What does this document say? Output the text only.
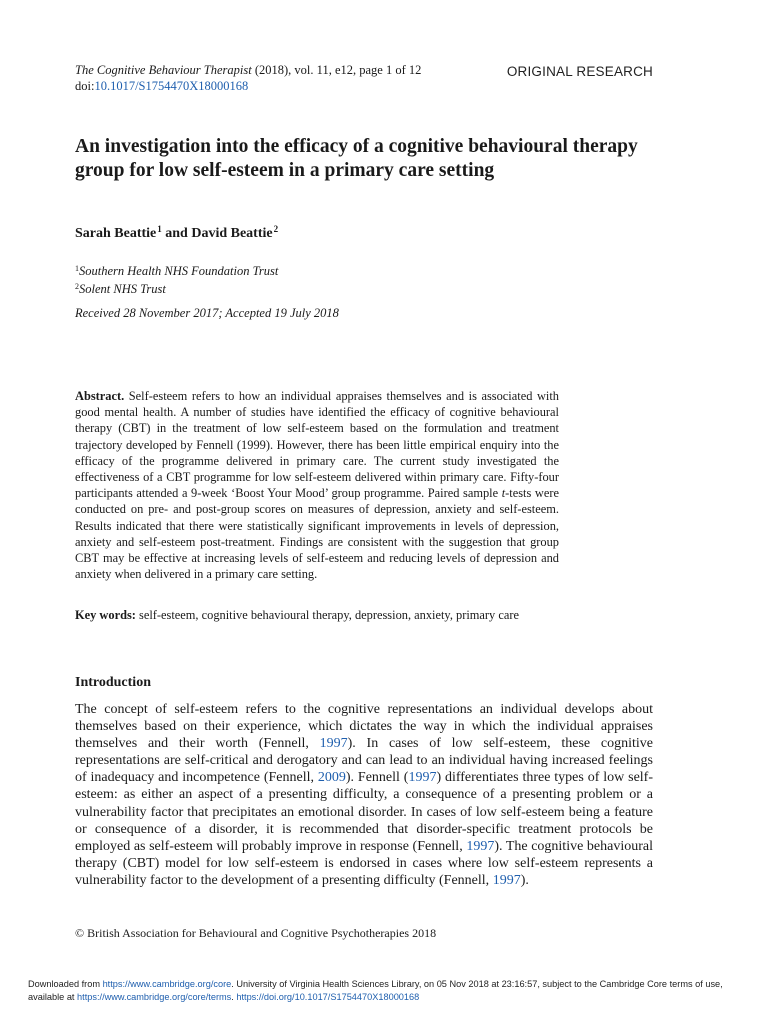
The Cognitive Behaviour Therapist (2018), vol. 11, e12, page 1 of 12
doi:10.1017/S1754470X18000168
ORIGINAL RESEARCH
An investigation into the efficacy of a cognitive behavioural therapy group for low self-esteem in a primary care setting
Sarah Beattie$^1$ and David Beattie$^2$
$^1$Southern Health NHS Foundation Trust
$^2$Solent NHS Trust
Received 28 November 2017; Accepted 19 July 2018

Abstract. Self-esteem refers to how an individual appraises themselves and is associated with good mental health. A number of studies have identified the efficacy of cognitive behavioural therapy (CBT) in the treatment of low self-esteem based on the formulation and treatment trajectory developed by Fennell (1999). However, there has been little empirical enquiry into the efficacy of the programme delivered in primary care. The current study investigated the effectiveness of a CBT programme for low self-esteem delivered within primary care. Fifty-four participants attended a 9-week ‘Boost Your Mood’ group programme. Paired sample t-tests were conducted on pre- and post-group scores on measures of depression, anxiety and self-esteem. Results indicated that there were statistically significant improvements in levels of depression, anxiety and self-esteem post-treatment. Findings are consistent with the suggestion that group CBT may be effective at increasing levels of self-esteem and reducing levels of depression and anxiety when delivered in a primary care setting.

Key words: self-esteem, cognitive behavioural therapy, depression, anxiety, primary care

Introduction

The concept of self-esteem refers to the cognitive representations an individual develops about themselves based on their experience, which dictates the way in which the individual appraises themselves and their worth (Fennell, 1997). In cases of low self-esteem, these cognitive representations are self-critical and derogatory and can lead to an individual having increased feelings of inadequacy and incompetence (Fennell, 2009). Fennell (1997) differentiates three types of low self-esteem: as either an aspect of a presenting difficulty, a consequence of a presenting problem or a vulnerability factor that precipitates an emotional disorder. In cases of low self-esteem being a feature or consequence of a disorder, it is recommended that disorder-specific treatment protocols be employed as self-esteem will probably improve in response (Fennell, 1997). The cognitive behavioural therapy (CBT) model for low self-esteem is endorsed in cases where low self-esteem represents a vulnerability factor to the development of a presenting difficulty (Fennell, 1997).

© British Association for Behavioural and Cognitive Psychotherapies 2018
Downloaded from https://www.cambridge.org/core. University of Virginia Health Sciences Library, on 05 Nov 2018 at 23:16:57, subject to the Cambridge Core terms of use, available at https://www.cambridge.org/core/terms. https://doi.org/10.1017/S1754470X18000168
